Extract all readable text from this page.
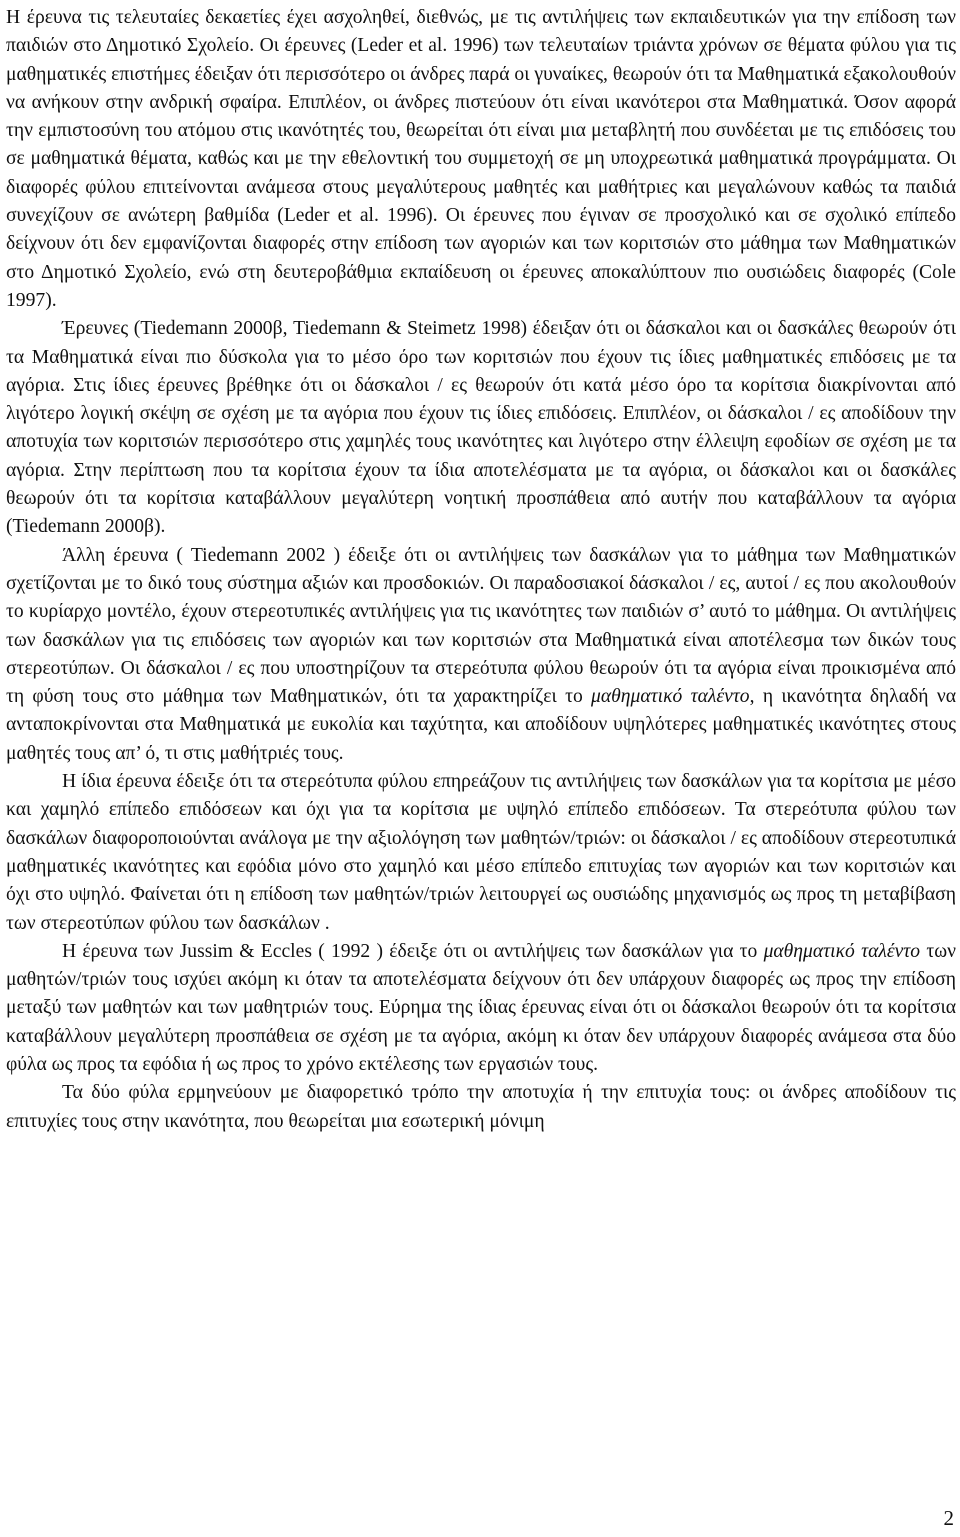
Η έρευνα τις τελευταίες δεκαετίες έχει ασχοληθεί, διεθνώς, με τις αντιλήψεις των εκπαιδευτικών για την επίδοση των παιδιών στο Δημοτικό Σχολείο. Οι έρευνες (Leder et al. 1996) των τελευταίων τριάντα χρόνων σε θέματα φύλου για τις μαθηματικές επιστήμες έδειξαν ότι περισσότερο οι άνδρες παρά οι γυναίκες, θεωρούν ότι τα Μαθηματικά εξακολουθούν να ανήκουν στην ανδρική σφαίρα. Επιπλέον, οι άνδρες πιστεύουν ότι είναι ικανότεροι στα Μαθηματικά. Όσον αφορά την εμπιστοσύνη του ατόμου στις ικανότητές του, θεωρείται ότι είναι μια μεταβλητή που συνδέεται με τις επιδόσεις του σε μαθηματικά θέματα, καθώς και με την εθελοντική του συμμετοχή σε μη υποχρεωτικά μαθηματικά προγράμματα. Οι διαφορές φύλου επιτείνονται ανάμεσα στους μεγαλύτερους μαθητές και μαθήτριες και μεγαλώνουν καθώς τα παιδιά συνεχίζουν σε ανώτερη βαθμίδα (Leder et al. 1996). Οι έρευνες που έγιναν σε προσχολικό και σε σχολικό επίπεδο δείχνουν ότι δεν εμφανίζονται διαφορές στην επίδοση των αγοριών και των κοριτσιών στο μάθημα των Μαθηματικών στο Δημοτικό Σχολείο, ενώ στη δευτεροβάθμια εκπαίδευση οι έρευνες αποκαλύπτουν πιο ουσιώδεις διαφορές (Cole 1997).

Έρευνες (Tiedemann 2000β, Tiedemann & Steimetz 1998) έδειξαν ότι οι δάσκαλοι και οι δασκάλες θεωρούν ότι τα Μαθηματικά είναι πιο δύσκολα για το μέσο όρο των κοριτσιών που έχουν τις ίδιες μαθηματικές επιδόσεις με τα αγόρια. Στις ίδιες έρευνες βρέθηκε ότι οι δάσκαλοι / ες θεωρούν ότι κατά μέσο όρο τα κορίτσια διακρίνονται από λιγότερο λογική σκέψη σε σχέση με τα αγόρια που έχουν τις ίδιες επιδόσεις. Επιπλέον, οι δάσκαλοι / ες αποδίδουν την αποτυχία των κοριτσιών περισσότερο στις χαμηλές τους ικανότητες και λιγότερο στην έλλειψη εφοδίων σε σχέση με τα αγόρια. Στην περίπτωση που τα κορίτσια έχουν τα ίδια αποτελέσματα με τα αγόρια, οι δάσκαλοι και οι δασκάλες θεωρούν ότι τα κορίτσια καταβάλλουν μεγαλύτερη νοητική προσπάθεια από αυτήν που καταβάλλουν τα αγόρια (Tiedemann 2000β).

Άλλη έρευνα ( Tiedemann 2002 ) έδειξε ότι οι αντιλήψεις των δασκάλων για το μάθημα των Μαθηματικών σχετίζονται με το δικό τους σύστημα αξιών και προσδοκιών. Οι παραδοσιακοί δάσκαλοι / ες, αυτοί / ες που ακολουθούν το κυρίαρχο μοντέλο, έχουν στερεοτυπικές αντιλήψεις για τις ικανότητες των παιδιών σ’ αυτό το μάθημα. Οι αντιλήψεις των δασκάλων για τις επιδόσεις των αγοριών και των κοριτσιών στα Μαθηματικά είναι αποτέλεσμα των δικών τους στερεοτύπων. Οι δάσκαλοι / ες που υποστηρίζουν τα στερεότυπα φύλου θεωρούν ότι τα αγόρια είναι προικισμένα από τη φύση τους στο μάθημα των Μαθηματικών, ότι τα χαρακτηρίζει το μαθηματικό ταλέντο, η ικανότητα δηλαδή να ανταποκρίνονται στα Μαθηματικά με ευκολία και ταχύτητα, και αποδίδουν υψηλότερες μαθηματικές ικανότητες στους μαθητές τους απ’ ό, τι στις μαθήτριές τους.

Η ίδια έρευνα έδειξε ότι τα στερεότυπα φύλου επηρεάζουν τις αντιλήψεις των δασκάλων για τα κορίτσια με μέσο και χαμηλό επίπεδο επιδόσεων και όχι για τα κορίτσια με υψηλό επίπεδο επιδόσεων. Τα στερεότυπα φύλου των δασκάλων διαφοροποιούνται ανάλογα με την αξιολόγηση των μαθητών/τριών: οι δάσκαλοι / ες αποδίδουν στερεοτυπικά μαθηματικές ικανότητες και εφόδια μόνο στο χαμηλό και μέσο επίπεδο επιτυχίας των αγοριών και των κοριτσιών και όχι στο υψηλό. Φαίνεται ότι η επίδοση των μαθητών/τριών λειτουργεί ως ουσιώδης μηχανισμός ως προς τη μεταβίβαση των στερεοτύπων φύλου των δασκάλων .

Η έρευνα των Jussim & Eccles ( 1992 ) έδειξε ότι οι αντιλήψεις των δασκάλων για το μαθηματικό ταλέντο των μαθητών/τριών τους ισχύει ακόμη κι όταν τα αποτελέσματα δείχνουν ότι δεν υπάρχουν διαφορές ως προς την επίδοση μεταξύ των μαθητών και των μαθητριών τους. Εύρημα της ίδιας έρευνας είναι ότι οι δάσκαλοι θεωρούν ότι τα κορίτσια καταβάλλουν μεγαλύτερη προσπάθεια σε σχέση με τα αγόρια, ακόμη κι όταν δεν υπάρχουν διαφορές ανάμεσα στα δύο φύλα ως προς τα εφόδια ή ως προς το χρόνο εκτέλεσης των εργασιών τους.

Τα δύο φύλα ερμηνεύουν με διαφορετικό τρόπο την αποτυχία ή την επιτυχία τους: οι άνδρες αποδίδουν τις επιτυχίες τους στην ικανότητα, που θεωρείται μια εσωτερική μόνιμη

2
